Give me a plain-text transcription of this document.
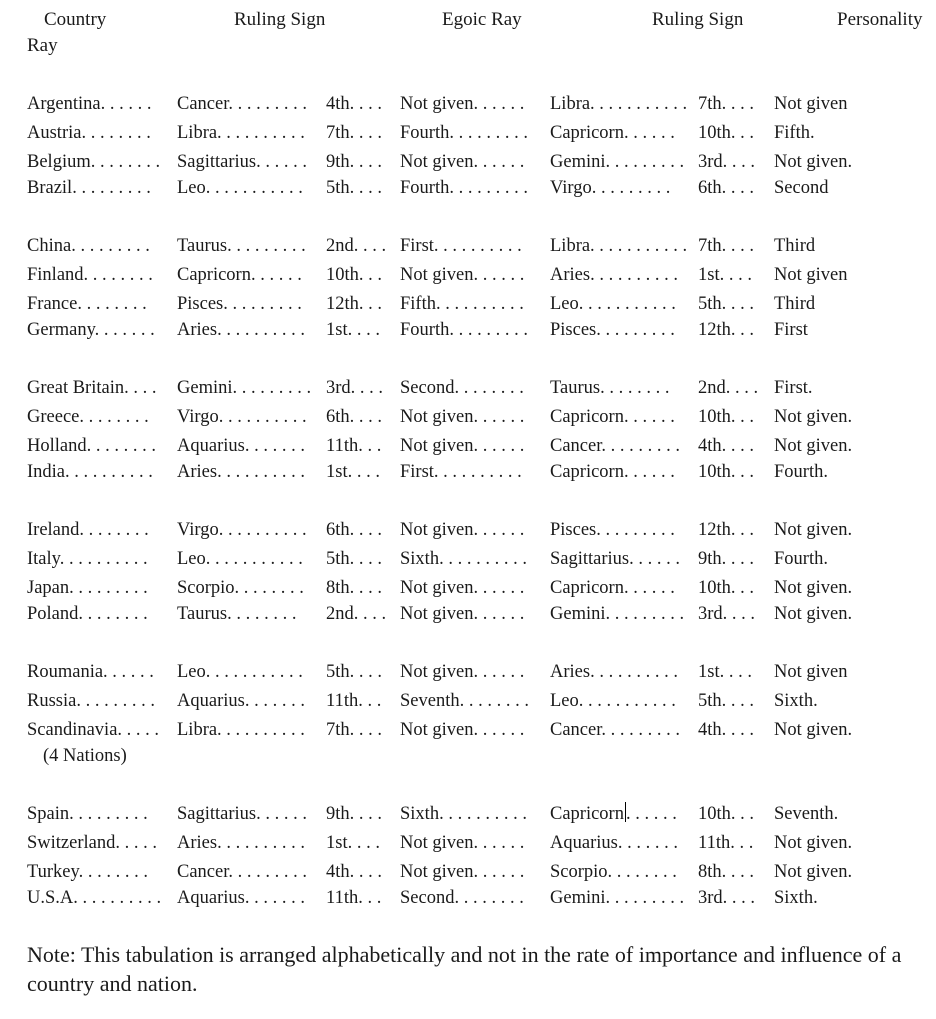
Country	Ruling Sign	Egoic Ray	Ruling Sign	Personality
Ray
Argentina. . . . . . Cancer. . . . . . . . . 4th. . . . Not given. . . . . . Libra. . . . . . . . . . . 7th. . . . Not given
Austria. . . . . . . . Libra. . . . . . . . . . 7th. . . . Fourth. . . . . . . . . Capricorn. . . . . . 10th. . . Fifth.
Belgium. . . . . . . . Sagittarius. . . . . . 9th. . . . Not given. . . . . . Gemini. . . . . . . . . 3rd. . . . Not given.
Brazil. . . . . . . . . Leo. . . . . . . . . . . 5th. . . . Fourth. . . . . . . . . Virgo. . . . . . . . . 6th. . . . Second
China. . . . . . . . . Taurus. . . . . . . . . 2nd. . . . First. . . . . . . . . . Libra. . . . . . . . . . . 7th. . . . Third
Finland. . . . . . . . Capricorn. . . . . . 10th. . . Not given. . . . . . Aries. . . . . . . . . . 1st. . . . Not given
France. . . . . . . . Pisces. . . . . . . . . 12th. . . Fifth. . . . . . . . . . Leo. . . . . . . . . . . 5th. . . . Third
Germany. . . . . . . Aries. . . . . . . . . . 1st. . . . Fourth. . . . . . . . . Pisces. . . . . . . . . 12th. . . First
Great Britain. . . . Gemini. . . . . . . . . 3rd. . . . Second. . . . . . . . Taurus. . . . . . . . 2nd. . . . First.
Greece. . . . . . . . Virgo. . . . . . . . . . 6th. . . . Not given. . . . . . Capricorn. . . . . . 10th. . . Not given.
Holland. . . . . . . . Aquarius. . . . . . . 11th. . . Not given. . . . . . Cancer. . . . . . . . . 4th. . . . Not given.
India. . . . . . . . . . Aries. . . . . . . . . . 1st. . . . First. . . . . . . . . . Capricorn. . . . . . 10th. . . Fourth.
Ireland. . . . . . . . Virgo. . . . . . . . . . 6th. . . . Not given. . . . . . Pisces. . . . . . . . . 12th. . . Not given.
Italy. . . . . . . . . . Leo. . . . . . . . . . . 5th. . . . Sixth. . . . . . . . . . Sagittarius. . . . . . 9th. . . . Fourth.
Japan. . . . . . . . . Scorpio. . . . . . . . 8th. . . . Not given. . . . . . Capricorn. . . . . . 10th. . . Not given.
Poland. . . . . . . . Taurus. . . . . . . . 2nd. . . . Not given. . . . . . Gemini. . . . . . . . . 3rd. . . . Not given.
Roumania. . . . . . Leo. . . . . . . . . . . 5th. . . . Not given. . . . . . Aries. . . . . . . . . . 1st. . . . Not given
Russia. . . . . . . . . Aquarius. . . . . . . 11th. . . Seventh. . . . . . . . Leo. . . . . . . . . . . 5th. . . . Sixth.
Scandinavia. . . . . Libra. . . . . . . . . . 7th. . . . Not given. . . . . . Cancer. . . . . . . . . 4th. . . . Not given.
(4 Nations)
Spain. . . . . . . . . Sagittarius. . . . . . 9th. . . . Sixth. . . . . . . . . . Capricorn . . . . . . 10th. . . Seventh.
Switzerland. . . . . Aries. . . . . . . . . . 1st. . . . Not given. . . . . . Aquarius. . . . . . . 11th. . . Not given.
Turkey. . . . . . . . Cancer. . . . . . . . . 4th. . . . Not given. . . . . . Scorpio. . . . . . . . 8th. . . . Not given.
U.S.A. . . . . . . . . . Aquarius. . . . . . . 11th. . . Second. . . . . . . . Gemini. . . . . . . . . 3rd. . . . Sixth.
Note: This tabulation is arranged alphabetically and not in the rate of importance and influence of a country and nation.
